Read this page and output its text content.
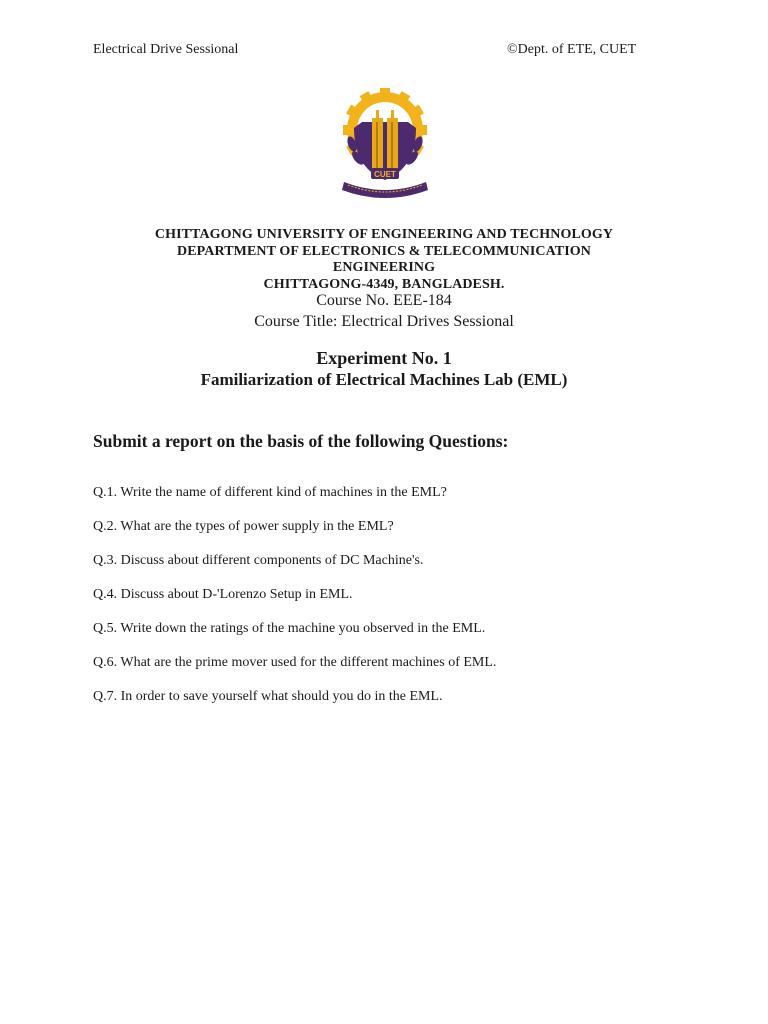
Electrical Drive Sessional	©Dept. of ETE, CUET
CUET
CHITTAGONG UNIVERSITY OF ENGINEERING AND TECHNOLOGY
DEPARTMENT OF ELECTRONICS & TELECOMMUNICATION
ENGINEERING
CHITTAGONG-4349, BANGLADESH.
Course No. EEE-184
Course Title: Electrical Drives Sessional
Experiment No. 1
Familiarization of Electrical Machines Lab (EML)
Submit a report on the basis of the following Questions:
Q.1. Write the name of different kind of machines in the EML?
Q.2. What are the types of power supply in the EML?
Q.3. Discuss about different components of DC Machine's.
Q.4. Discuss about D-'Lorenzo Setup in EML.
Q.5. Write down the ratings of the machine you observed in the EML.
Q.6. What are the prime mover used for the different machines of EML.
Q.7. In order to save yourself what should you do in the EML.
